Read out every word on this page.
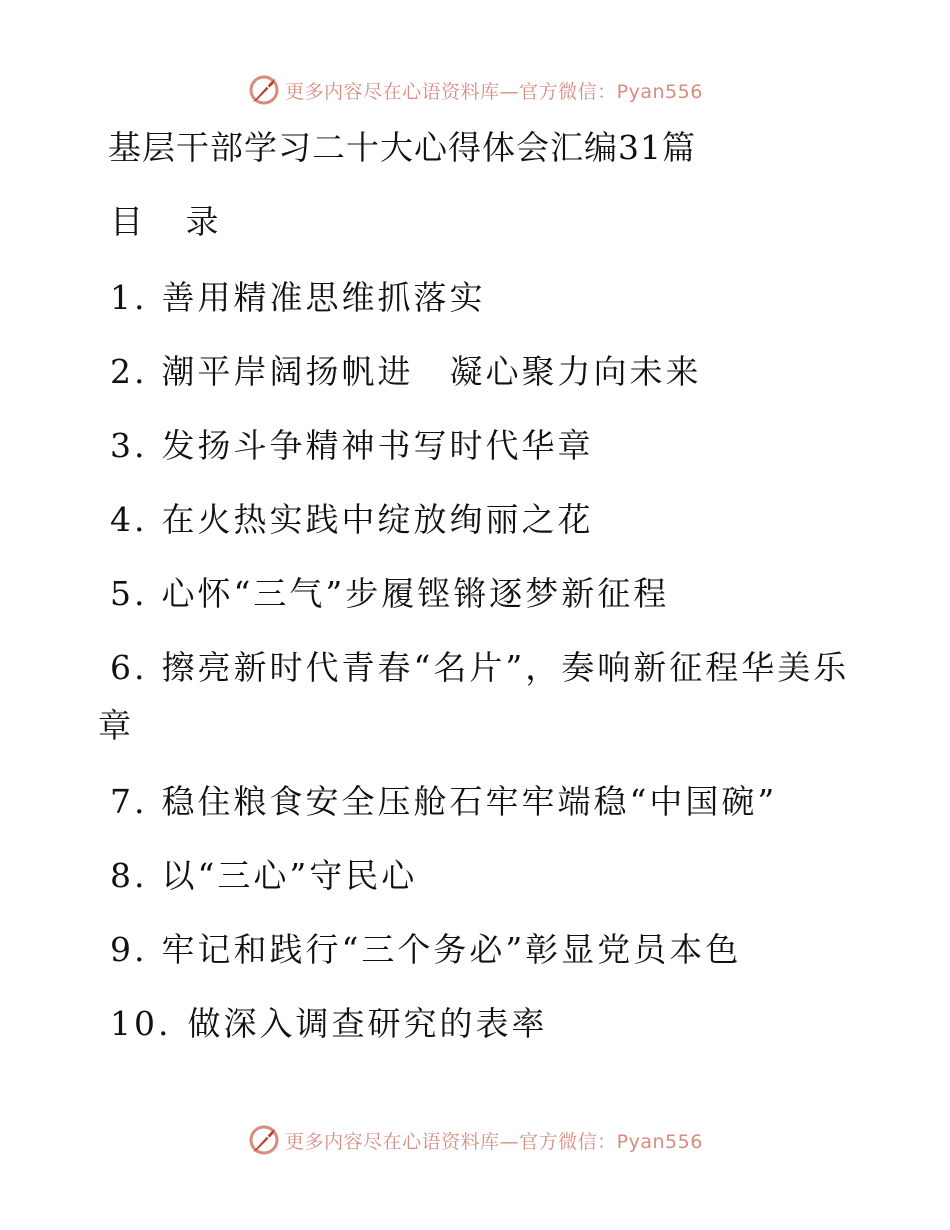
更多内容尽在心语资料库—官方微信：Pyan556
基层干部学习二十大心得体会汇编31篇
目 录
1. 善用精准思维抓落实
2. 潮平岸阔扬帆进　凝心聚力向未来
3. 发扬斗争精神书写时代华章
4. 在火热实践中绽放绚丽之花
5. 心怀“三气”步履铿锵逐梦新征程
6. 擦亮新时代青春“名片”，奏响新征程华美乐
章
7. 稳住粮食安全压舱石牢牢端稳“中国碗”
8. 以“三心”守民心
9. 牢记和践行“三个务必”彰显党员本色
10. 做深入调查研究的表率
更多内容尽在心语资料库—官方微信：Pyan556
